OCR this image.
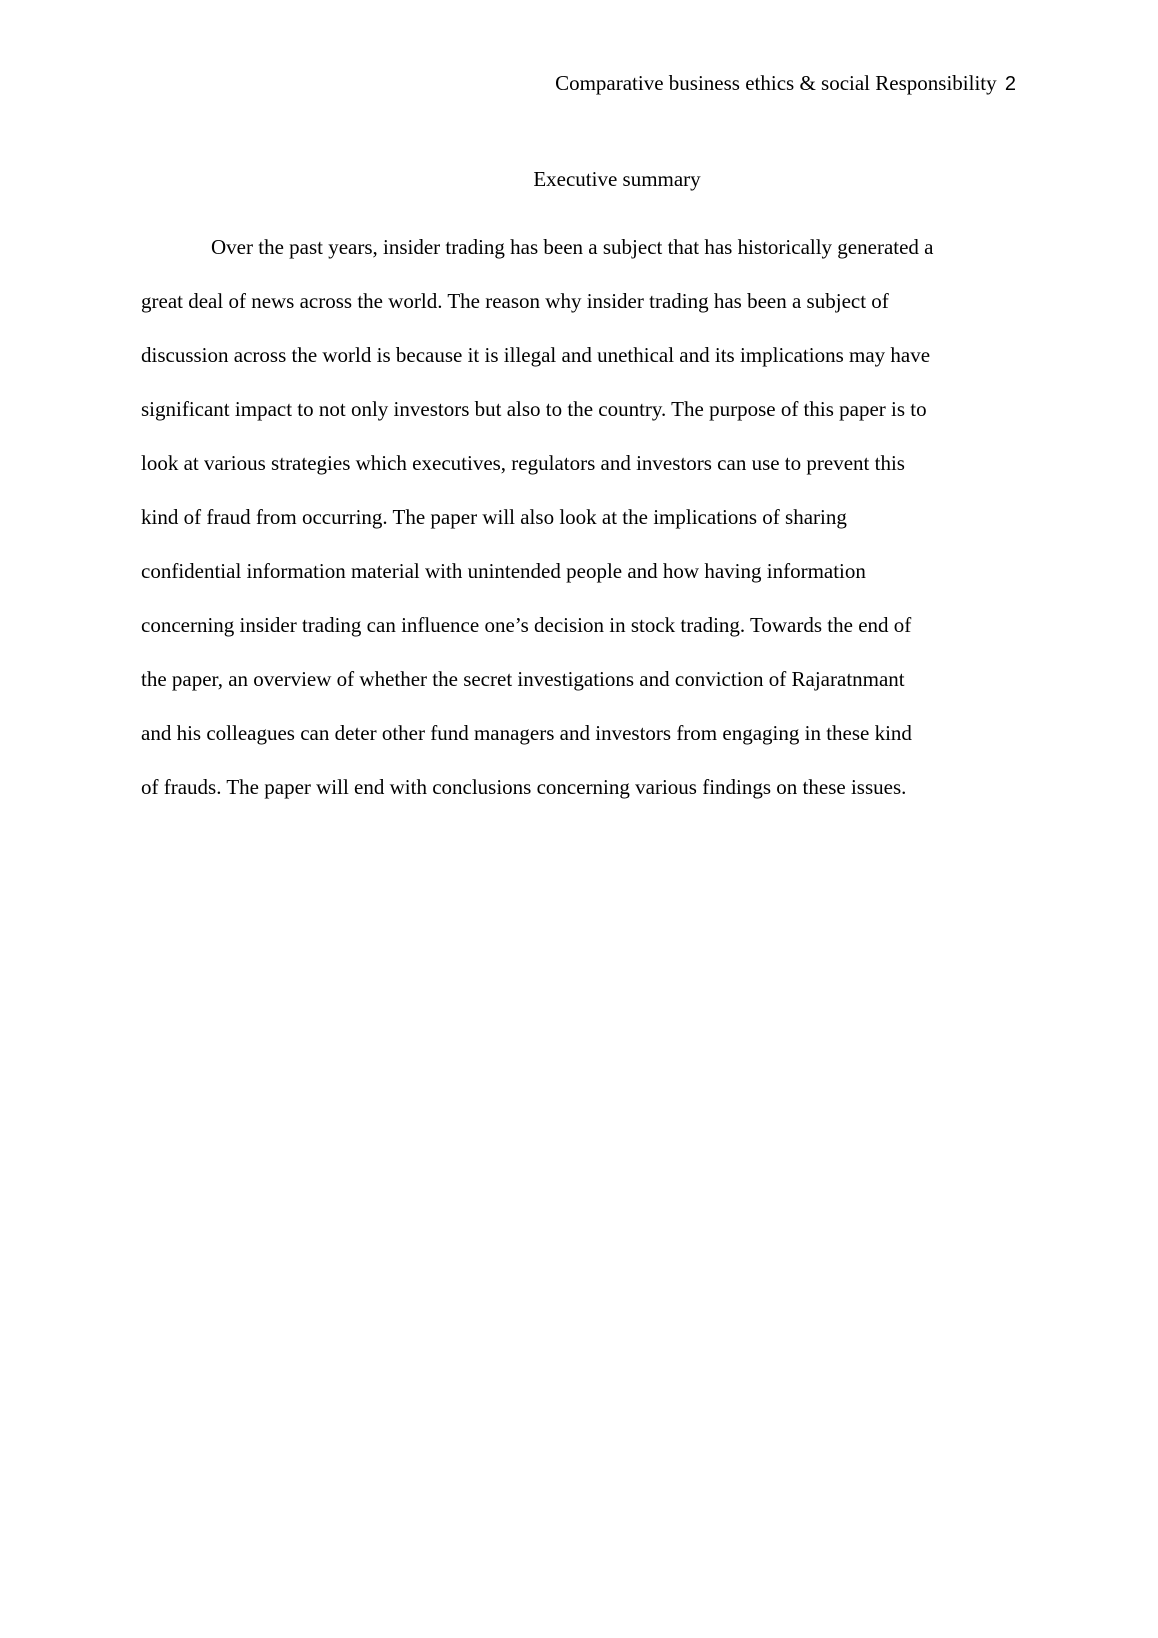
Comparative business ethics & social Responsibility 2
Executive summary
Over the past years, insider trading has been a subject that has historically generated a
great deal of news across the world. The reason why insider trading has been a subject of
discussion across the world is because it is illegal and unethical and its implications may have
significant impact to not only investors but also to the country. The purpose of this paper is to
look at various strategies which executives, regulators and investors can use to prevent this
kind of fraud from occurring. The paper will also look at the implications of sharing
confidential information material with unintended people and how having information
concerning insider trading can influence one’s decision in stock trading. Towards the end of
the paper, an overview of whether the secret investigations and conviction of Rajaratnmant
and his colleagues can deter other fund managers and investors from engaging in these kind
of frauds. The paper will end with conclusions concerning various findings on these issues.
